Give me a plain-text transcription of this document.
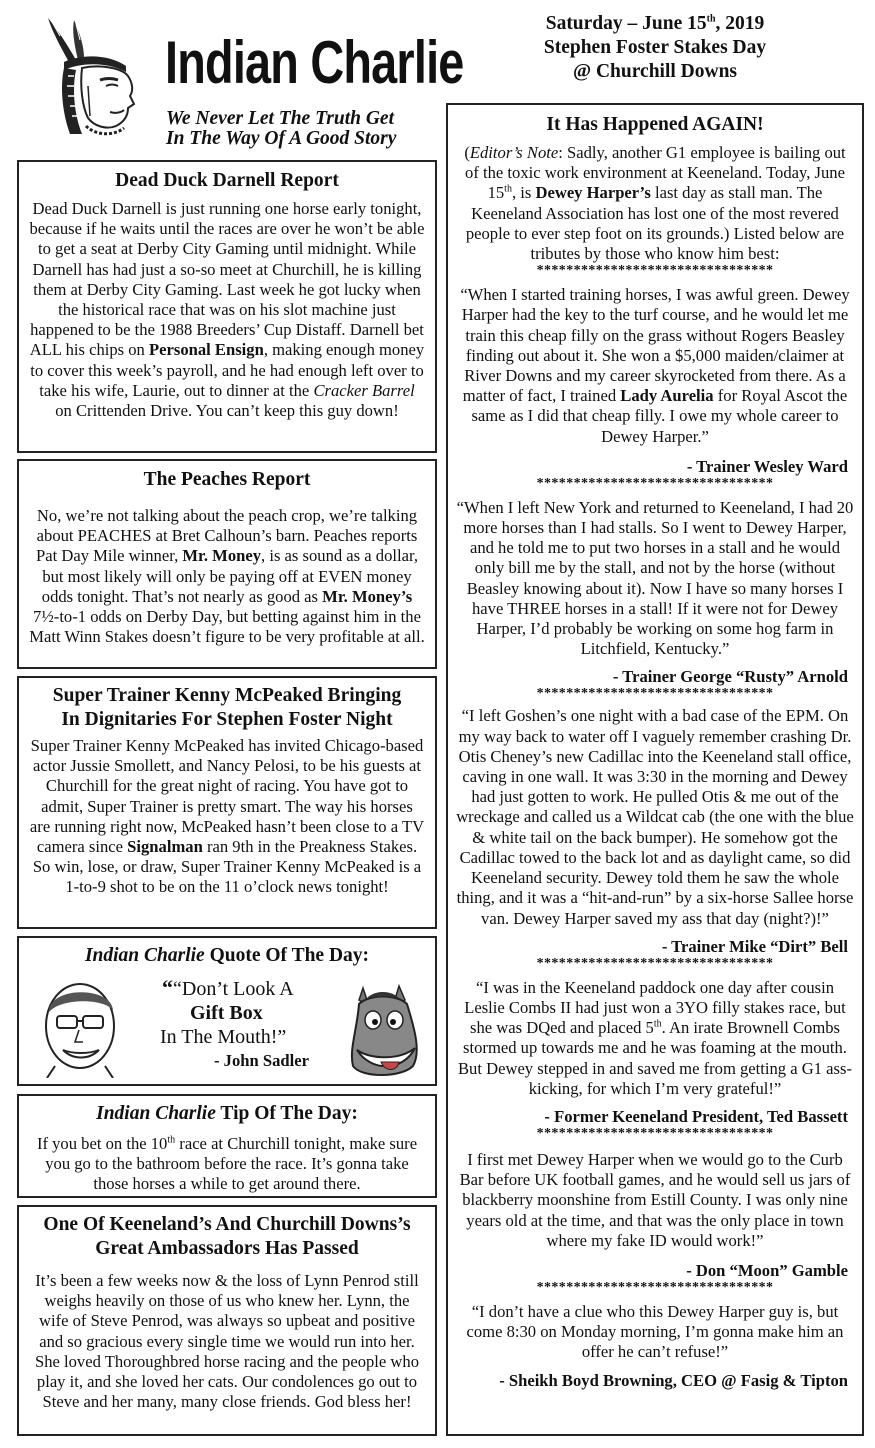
Indian Charlie
We Never Let The Truth Get
In The Way Of A Good Story
Saturday – June 15th, 2019
Stephen Foster Stakes Day
@ Churchill Downs
Dead Duck Darnell Report

Dead Duck Darnell is just running one horse early tonight, because if he waits until the races are over he won’t be able to get a seat at Derby City Gaming until midnight. While Darnell has had just a so-so meet at Churchill, he is killing them at Derby City Gaming. Last week he got lucky when the historical race that was on his slot machine just happened to be the 1988 Breeders’ Cup Distaff. Darnell bet ALL his chips on Personal Ensign, making enough money to cover this week’s payroll, and he had enough left over to take his wife, Laurie, out to dinner at the Cracker Barrel on Crittenden Drive. You can’t keep this guy down!

The Peaches Report

No, we’re not talking about the peach crop, we’re talking about PEACHES at Bret Calhoun’s barn. Peaches reports Pat Day Mile winner, Mr. Money, is as sound as a dollar, but most likely will only be paying off at EVEN money odds tonight. That’s not nearly as good as Mr. Money’s 7½-to-1 odds on Derby Day, but betting against him in the Matt Winn Stakes doesn’t figure to be very profitable at all.

Super Trainer Kenny McPeaked Bringing
In Dignitaries For Stephen Foster Night

Super Trainer Kenny McPeaked has invited Chicago-based actor Jussie Smollett, and Nancy Pelosi, to be his guests at Churchill for the great night of racing. You have got to admit, Super Trainer is pretty smart. The way his horses are running right now, McPeaked hasn’t been close to a TV camera since Signalman ran 9th in the Preakness Stakes. So win, lose, or draw, Super Trainer Kenny McPeaked is a 1-to-9 shot to be on the 11 o’clock news tonight!

Indian Charlie Quote Of The Day:
““Don’t Look A
Gift Box
In The Mouth!”
- John Sadler
Indian Charlie Tip Of The Day:

If you bet on the 10th race at Churchill tonight, make sure you go to the bathroom before the race. It’s gonna take those horses a while to get around there.

One Of Keeneland’s And Churchill Downs’s
Great Ambassadors Has Passed

It’s been a few weeks now & the loss of Lynn Penrod still weighs heavily on those of us who knew her. Lynn, the wife of Steve Penrod, was always so upbeat and positive and so gracious every single time we would run into her. She loved Thoroughbred horse racing and the people who play it, and she loved her cats. Our condolences go out to Steve and her many, many close friends. God bless her!

It Has Happened AGAIN!

(Editor’s Note: Sadly, another G1 employee is bailing out of the toxic work environment at Keeneland. Today, June 15th, is Dewey Harper’s last day as stall man. The Keeneland Association has lost one of the most revered people to ever step foot on its grounds.) Listed below are tributes by those who know him best:

********************************

“When I started training horses, I was awful green. Dewey Harper had the key to the turf course, and he would let me train this cheap filly on the grass without Rogers Beasley finding out about it. She won a $5,000 maiden/claimer at River Downs and my career skyrocketed from there. As a matter of fact, I trained Lady Aurelia for Royal Ascot the same as I did that cheap filly. I owe my whole career to Dewey Harper.”

- Trainer Wesley Ward
********************************

“When I left New York and returned to Keeneland, I had 20 more horses than I had stalls. So I went to Dewey Harper, and he told me to put two horses in a stall and he would only bill me by the stall, and not by the horse (without Beasley knowing about it). Now I have so many horses I have THREE horses in a stall! If it were not for Dewey Harper, I’d probably be working on some hog farm in Litchfield, Kentucky.”

- Trainer George “Rusty” Arnold
********************************

“I left Goshen’s one night with a bad case of the EPM. On my way back to water off I vaguely remember crashing Dr. Otis Cheney’s new Cadillac into the Keeneland stall office, caving in one wall. It was 3:30 in the morning and Dewey had just gotten to work. He pulled Otis & me out of the wreckage and called us a Wildcat cab (the one with the blue & white tail on the back bumper). He somehow got the Cadillac towed to the back lot and as daylight came, so did Keeneland security. Dewey told them he saw the whole thing, and it was a “hit-and-run” by a six-horse Sallee horse van. Dewey Harper saved my ass that day (night?)!”

- Trainer Mike “Dirt” Bell
********************************

“I was in the Keeneland paddock one day after cousin Leslie Combs II had just won a 3YO filly stakes race, but she was DQed and placed 5th. An irate Brownell Combs stormed up towards me and he was foaming at the mouth. But Dewey stepped in and saved me from getting a G1 ass-kicking, for which I’m very grateful!”

- Former Keeneland President, Ted Bassett
********************************

I first met Dewey Harper when we would go to the Curb Bar before UK football games, and he would sell us jars of blackberry moonshine from Estill County. I was only nine years old at the time, and that was the only place in town where my fake ID would work!”

- Don “Moon” Gamble
********************************

“I don’t have a clue who this Dewey Harper guy is, but come 8:30 on Monday morning, I’m gonna make him an offer he can’t refuse!”

- Sheikh Boyd Browning, CEO @ Fasig & Tipton
